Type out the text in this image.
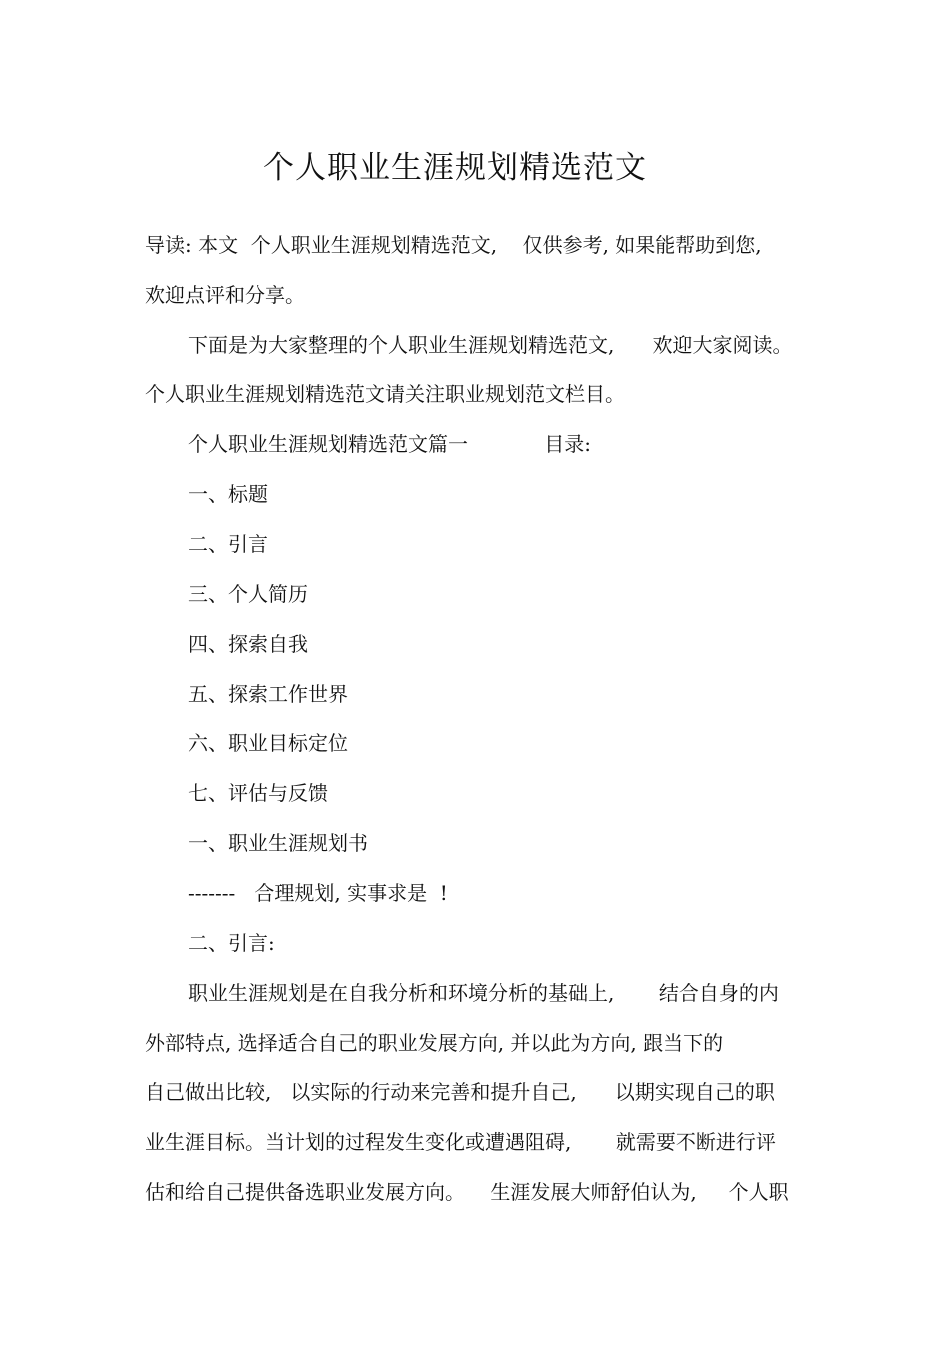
个人职业生涯规划精选范文
导读: 本文  个人职业生涯规划精选范文,    仅供参考, 如果能帮助到您,
欢迎点评和分享。
下面是为大家整理的个人职业生涯规划精选范文,      欢迎大家阅读。
个人职业生涯规划精选范文请关注职业规划范文栏目。
个人职业生涯规划精选范文篇一            目录:
一、标题
二、引言
三、个人简历
四、探索自我
五、探索工作世界
六、职业目标定位
七、评估与反馈
一、职业生涯规划书
-------   合理规划, 实事求是  !
二、引言:
职业生涯规划是在自我分析和环境分析的基础上,       结合自身的内
外部特点, 选择适合自己的职业发展方向, 并以此为方向, 跟当下的
自己做出比较,   以实际的行动来完善和提升自己,      以期实现自己的职
业生涯目标。当计划的过程发生变化或遭遇阻碍,       就需要不断进行评
估和给自己提供备选职业发展方向。    生涯发展大师舒伯认为,     个人职
